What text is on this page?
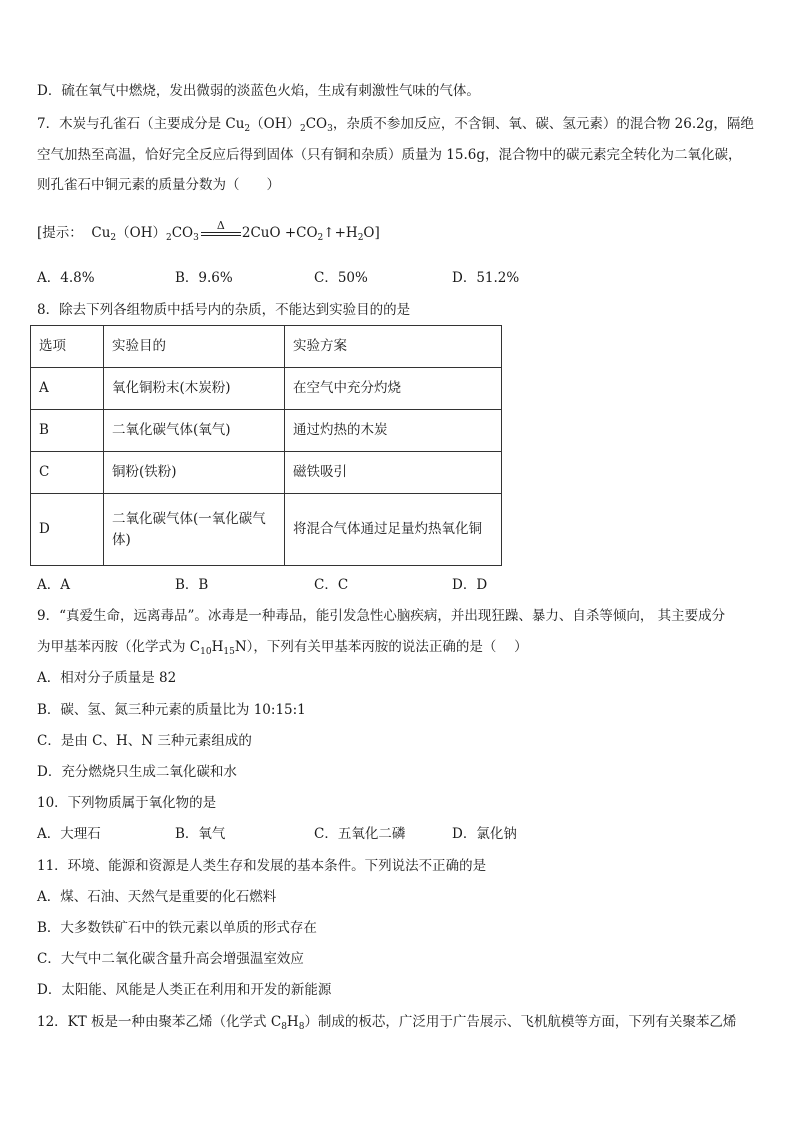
D．硫在氧气中燃烧，发出微弱的淡蓝色火焰，生成有刺激性气味的气体。
7．木炭与孔雀石（主要成分是 $Cu_2(OH)_2CO_3$，杂质不参加反应，不含铜、氧、碳、氢元素）的混合物 26.2g，隔绝
空气加热至高温，恰好完全反应后得到固体（只有铜和杂质）质量为 15.6g，混合物中的碳元素完全转化为二氧化碳，
则孔雀石中铜元素的质量分数为（　　）
[提示： $Cu_2(OH)_2CO_3$
Δ	$2CuO +CO_2↑+H_2O$]
A．4.8%	B．9.6%	C．50%	D．51.2%
8．除去下列各组物质中括号内的杂质，不能达到实验目的的是
选项	实验目的	实验方案
A	氧化铜粉末(木炭粉)	在空气中充分灼烧
B	二氧化碳气体(氧气)	通过灼热的木炭
C	铜粉(铁粉)	磁铁吸引
D	二氧化碳气体(一氧化碳气体)	将混合气体通过足量灼热氧化铜
A．A	B．B	C．C	D．D
9．“真爱生命，远离毒品”。冰毒是一种毒品，能引发急性心脑疾病，并出现狂躁、暴力、自杀等倾向， 其主要成分
为甲基苯丙胺（化学式为 $C_{10}H_{15}N$），下列有关甲基苯丙胺的说法正确的是（　 ）
A．相对分子质量是 82
B．碳、氢、氮三种元素的质量比为 10:15:1
C．是由 C、H、N 三种元素组成的
D．充分燃烧只生成二氧化碳和水
10．下列物质属于氧化物的是
A．大理石	B．氧气	C．五氧化二磷	D．氯化钠
11．环境、能源和资源是人类生存和发展的基本条件。下列说法不正确的是
A．煤、石油、天然气是重要的化石燃料
B．大多数铁矿石中的铁元素以单质的形式存在
C．大气中二氧化碳含量升高会增强温室效应
D．太阳能、风能是人类正在利用和开发的新能源
12．KT 板是一种由聚苯乙烯（化学式 $C_8H_8$）制成的板芯，广泛用于广告展示、飞机航模等方面，下列有关聚苯乙烯
